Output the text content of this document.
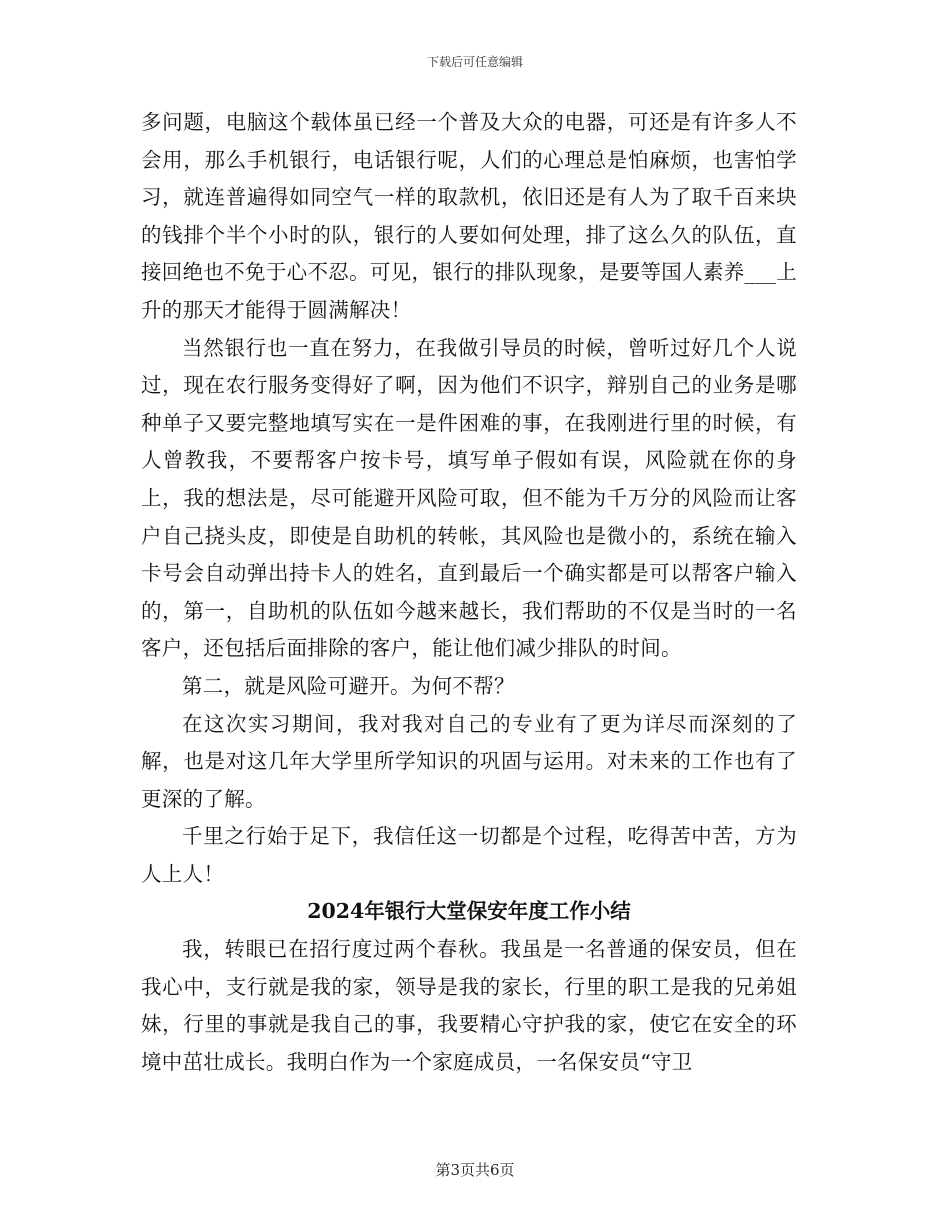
下载后可任意编辑

多问题，电脑这个载体虽已经一个普及大众的电器，可还是有许多人不会用，那么手机银行，电话银行呢，人们的心理总是怕麻烦，也害怕学习，就连普遍得如同空气一样的取款机，依旧还是有人为了取千百来块的钱排个半个小时的队，银行的人要如何处理，排了这么久的队伍，直接回绝也不免于心不忍。可见，银行的排队现象，是要等国人素养___上升的那天才能得于圆满解决！

当然银行也一直在努力，在我做引导员的时候，曾听过好几个人说过，现在农行服务变得好了啊，因为他们不识字，辩别自己的业务是哪种单子又要完整地填写实在一是件困难的事，在我刚进行里的时候，有人曾教我，不要帮客户按卡号，填写单子假如有误，风险就在你的身上，我的想法是，尽可能避开风险可取，但不能为千万分的风险而让客户自己挠头皮，即使是自助机的转帐，其风险也是微小的，系统在输入卡号会自动弹出持卡人的姓名，直到最后一个确实都是可以帮客户输入的，第一，自助机的队伍如今越来越长，我们帮助的不仅是当时的一名客户，还包括后面排除的客户，能让他们减少排队的时间。

第二，就是风险可避开。为何不帮？

在这次实习期间，我对我对自己的专业有了更为详尽而深刻的了解，也是对这几年大学里所学知识的巩固与运用。对未来的工作也有了更深的了解。

千里之行始于足下，我信任这一切都是个过程，吃得苦中苦，方为人上人！

2024年银行大堂保安年度工作小结

我，转眼已在招行度过两个春秋。我虽是一名普通的保安员，但在我心中，支行就是我的家，领导是我的家长，行里的职工是我的兄弟姐妹，行里的事就是我自己的事，我要精心守护我的家，使它在安全的环境中茁壮成长。我明白作为一个家庭成员，一名保安员“守卫

第3页共6页
